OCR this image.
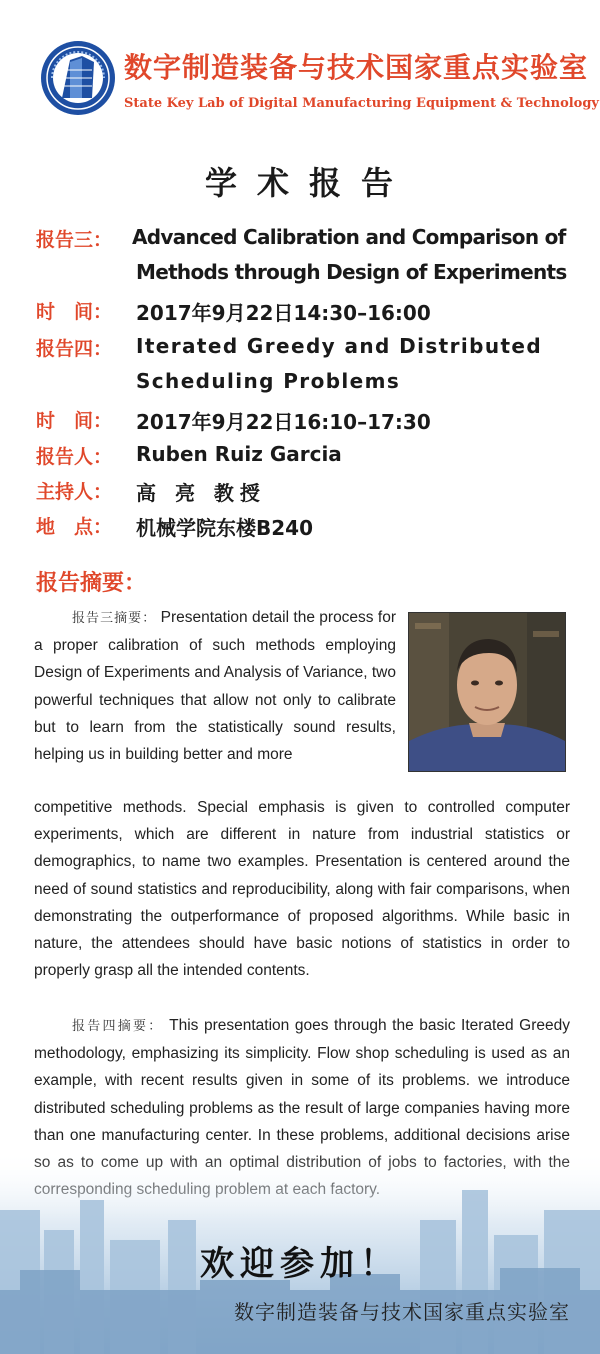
数字制造装备与技术国家重点实验室
State Key Lab of Digital Manufacturing Equipment & Technology
学术报告
报告三： Advanced Calibration and Comparison of
Methods through Design of Experiments
时　间： 2017年9月22日14:30–16:00
报告四： Iterated Greedy and Distributed
Scheduling Problems
时　间： 2017年9月22日16:10–17:30
报告人： Ruben Ruiz Garcia
主持人： 高 亮 教授
地　点： 机械学院东楼B240
报告摘要：
报告三摘要： Presentation detail the process for a proper calibration of such methods employing Design of Experiments and Analysis of Variance, two powerful techniques that allow not only to calibrate but to learn from the statistically sound results, helping us in building better and more
competitive methods. Special emphasis is given to controlled computer experiments, which are different in nature from industrial statistics or demographics, to name two examples. Presentation is centered around the need of sound statistics and reproducibility, along with fair comparisons, when demonstrating the outperformance of proposed algorithms. While basic in nature, the attendees should have basic notions of statistics in order to properly grasp all the intended contents.
报告四摘要： This presentation goes through the basic Iterated Greedy methodology, emphasizing its simplicity. Flow shop scheduling is used as an example, with recent results given in some of its problems. we introduce distributed scheduling problems as the result of large companies having more than one manufacturing center. In these problems, additional decisions arise
欢迎参加！
数字制造装备与技术国家重点实验室
